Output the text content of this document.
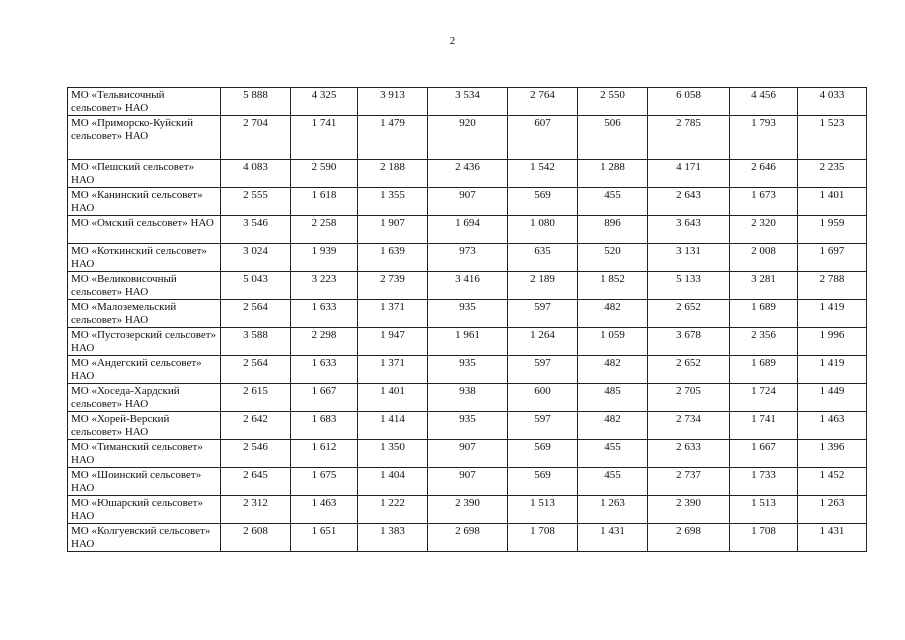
2
МО «Тельвисочный сельсовет» НАО	5 888	4 325	3 913	3 534	2 764	2 550	6 058	4 456	4 033
МО «Приморско-Куйский сельсовет» НАО	2 704	1 741	1 479	920	607	506	2 785	1 793	1 523
МО «Пешский сельсовет» НАО	4 083	2 590	2 188	2 436	1 542	1 288	4 171	2 646	2 235
МО «Канинский сельсовет» НАО	2 555	1 618	1 355	907	569	455	2 643	1 673	1 401
МО «Омский сельсовет» НАО	3 546	2 258	1 907	1 694	1 080	896	3 643	2 320	1 959
МО «Коткинский сельсовет» НАО	3 024	1 939	1 639	973	635	520	3 131	2 008	1 697
МО «Великовисочный сельсовет» НАО	5 043	3 223	2 739	3 416	2 189	1 852	5 133	3 281	2 788
МО «Малоземельский сельсовет» НАО	2 564	1 633	1 371	935	597	482	2 652	1 689	1 419
МО «Пустозерский сельсовет» НАО	3 588	2 298	1 947	1 961	1 264	1 059	3 678	2 356	1 996
МО «Андегский сельсовет» НАО	2 564	1 633	1 371	935	597	482	2 652	1 689	1 419
МО «Хоседа-Хардский сельсовет» НАО	2 615	1 667	1 401	938	600	485	2 705	1 724	1 449
МО «Хорей-Верский сельсовет» НАО	2 642	1 683	1 414	935	597	482	2 734	1 741	1 463
МО «Тиманский сельсовет» НАО	2 546	1 612	1 350	907	569	455	2 633	1 667	1 396
МО «Шоинский сельсовет» НАО	2 645	1 675	1 404	907	569	455	2 737	1 733	1 452
МО «Юшарский сельсовет» НАО	2 312	1 463	1 222	2 390	1 513	1 263	2 390	1 513	1 263
МО «Колгуевский сельсовет» НАО	2 608	1 651	1 383	2 698	1 708	1 431	2 698	1 708	1 431
